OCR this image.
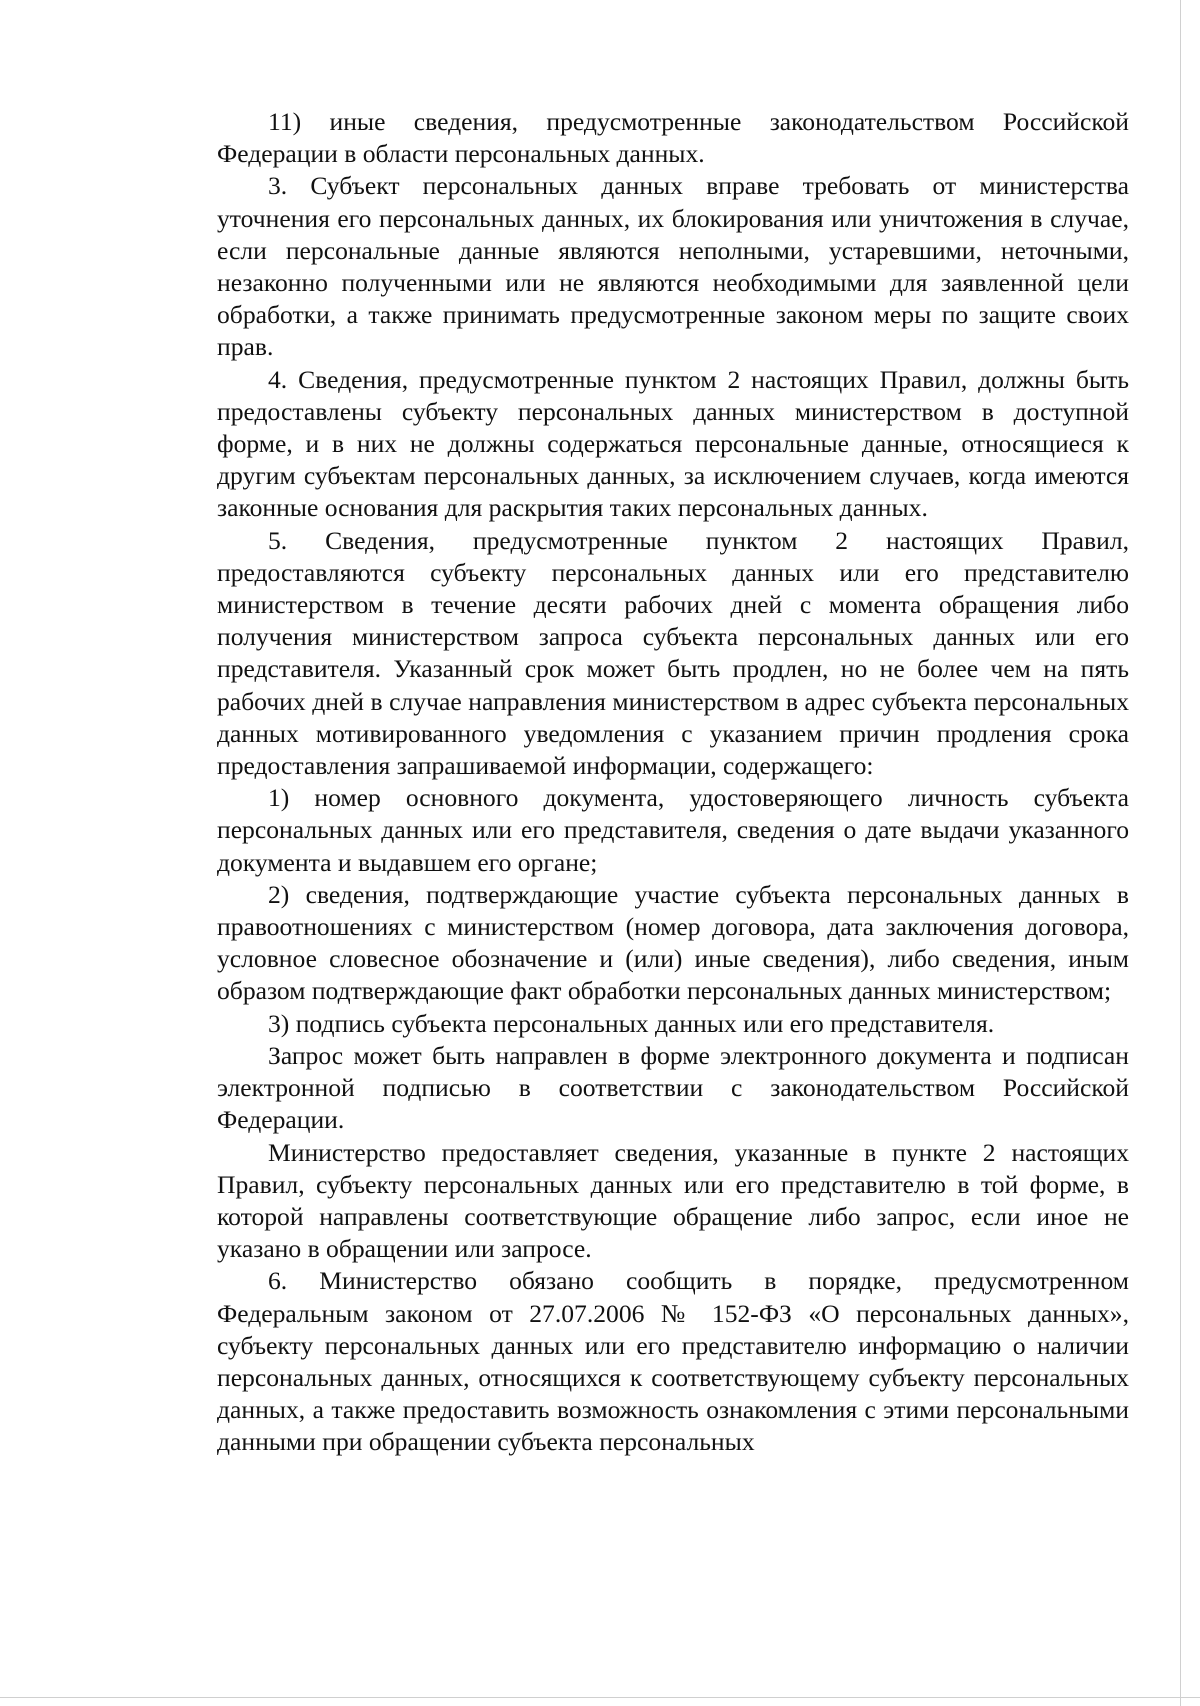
11) иные сведения, предусмотренные законодательством Российской Федерации в области персональных данных.

3. Субъект персональных данных вправе требовать от министерства уточнения его персональных данных, их блокирования или уничтожения в случае, если персональные данные являются неполными, устаревшими, неточными, незаконно полученными или не являются необходимыми для заявленной цели обработки, а также принимать предусмотренные законом меры по защите своих прав.

4. Сведения, предусмотренные пунктом 2 настоящих Правил, должны быть предоставлены субъекту персональных данных министерством в доступной форме, и в них не должны содержаться персональные данные, относящиеся к другим субъектам персональных данных, за исключением случаев, когда имеются законные основания для раскрытия таких персональных данных.

5. Сведения, предусмотренные пунктом 2 настоящих Правил, предоставляются субъекту персональных данных или его представителю министерством в течение десяти рабочих дней с момента обращения либо получения министерством запроса субъекта персональных данных или его представителя. Указанный срок может быть продлен, но не более чем на пять рабочих дней в случае направления министерством в адрес субъекта персональных данных мотивированного уведомления с указанием причин продления срока предоставления запрашиваемой информации, содержащего:

1) номер основного документа, удостоверяющего личность субъекта персональных данных или его представителя, сведения о дате выдачи указанного документа и выдавшем его органе;

2) сведения, подтверждающие участие субъекта персональных данных в правоотношениях с министерством (номер договора, дата заключения договора, условное словесное обозначение и (или) иные сведения), либо сведения, иным образом подтверждающие факт обработки персональных данных министерством;

3) подпись субъекта персональных данных или его представителя.

Запрос может быть направлен в форме электронного документа и подписан электронной подписью в соответствии с законодательством Российской Федерации.

Министерство предоставляет сведения, указанные в пункте 2 настоящих Правил, субъекту персональных данных или его представителю в той форме, в которой направлены соответствующие обращение либо запрос, если иное не указано в обращении или запросе.

6. Министерство обязано сообщить в порядке, предусмотренном Федеральным законом от 27.07.2006 № 152-ФЗ «О персональных данных», субъекту персональных данных или его представителю информацию о наличии персональных данных, относящихся к соответствующему субъекту персональных данных, а также предоставить возможность ознакомления с этими персональными данными при обращении субъекта персональных
